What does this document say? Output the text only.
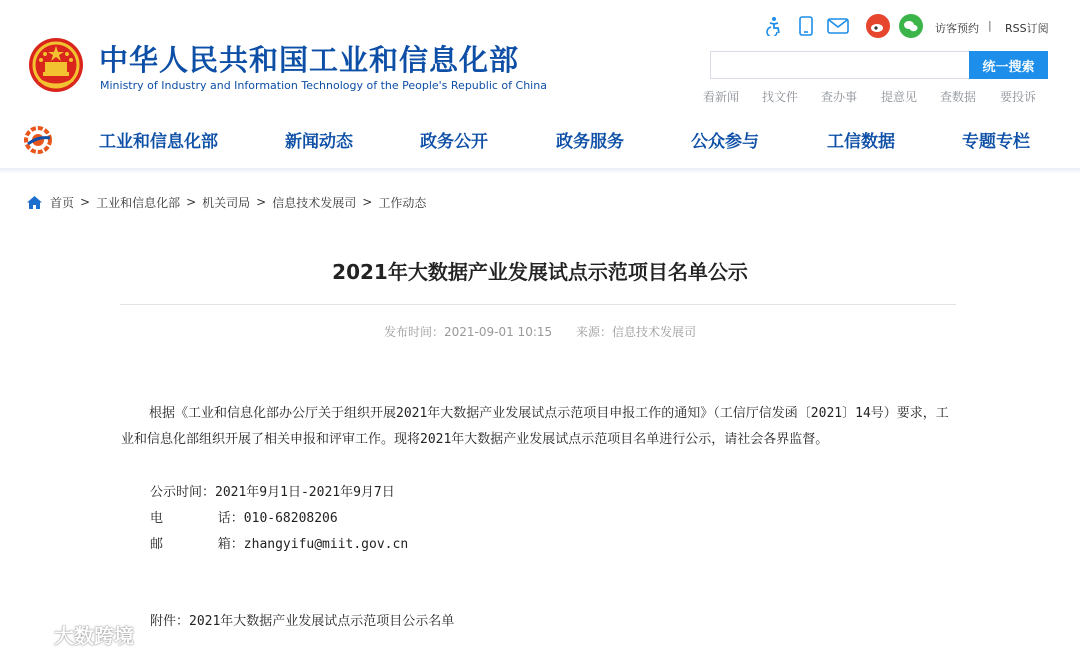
中华人民共和国工业和信息化部
Ministry of Industry and Information Technology of the People's Republic of China
访客预约 | RSS订阅
统一搜索
看新闻 找文件 查办事 提意见 查数据 要投诉
工业和信息化部	新闻动态	政务公开	政务服务	公众参与	工信数据	专题专栏
首页 > 工业和信息化部 > 机关司局 > 信息技术发展司 > 工作动态
2021年大数据产业发展试点示范项目名单公示
发布时间：2021-09-01 10:15 来源：信息技术发展司

根据《工业和信息化部办公厅关于组织开展2021年大数据产业发展试点示范项目申报工作的通知》（工信厅信发函〔2021〕14号）要求，工业和信息化部组织开展了相关申报和评审工作。现将2021年大数据产业发展试点示范项目名单进行公示，请社会各界监督。

公示时间：2021年9月1日-2021年9月7日
电       话：010-68208206
邮       箱：zhangyifu@miit.gov.cn
附件：2021年大数据产业发展试点示范项目公示名单
大数跨境
